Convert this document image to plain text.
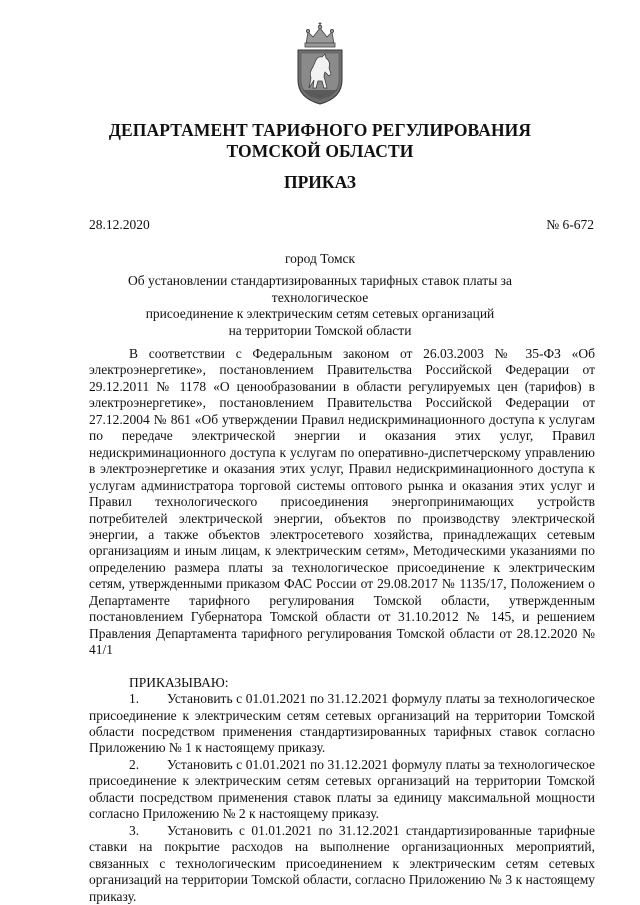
ДЕПАРТАМЕНТ ТАРИФНОГО РЕГУЛИРОВАНИЯ
ТОМСКОЙ ОБЛАСТИ
ПРИКАЗ
28.12.2020	№ 6-672
город Томск
Об установлении стандартизированных тарифных ставок платы за технологическое
присоединение к электрическим сетям сетевых организаций
на территории Томской области

В соответствии с Федеральным законом от 26.03.2003 № 35-ФЗ «Об электроэнергетике», постановлением Правительства Российской Федерации от 29.12.2011 № 1178 «О ценообразовании в области регулируемых цен (тарифов) в электроэнергетике», постановлением Правительства Российской Федерации от 27.12.2004 № 861 «Об утверждении Правил недискриминационного доступа к услугам по передаче электрической энергии и оказания этих услуг, Правил недискриминационного доступа к услугам по оперативно-диспетчерскому управлению в электроэнергетике и оказания этих услуг, Правил недискриминационного доступа к услугам администратора торговой системы оптового рынка и оказания этих услуг и Правил технологического присоединения энергопринимающих устройств потребителей электрической энергии, объектов по производству электрической энергии, а также объектов электросетевого хозяйства, принадлежащих сетевым организациям и иным лицам, к электрическим сетям», Методическими указаниями по определению размера платы за технологическое присоединение к электрическим сетям, утвержденными приказом ФАС России от 29.08.2017 № 1135/17, Положением о Департаменте тарифного регулирования Томской области, утвержденным постановлением Губернатора Томской области от 31.10.2012 № 145, и решением Правления Департамента тарифного регулирования Томской области от 28.12.2020 № 41/1

ПРИКАЗЫВАЮ:

1. Установить с 01.01.2021 по 31.12.2021 формулу платы за технологическое присоединение к электрическим сетям сетевых организаций на территории Томской области посредством применения стандартизированных тарифных ставок согласно Приложению № 1 к настоящему приказу.

2. Установить с 01.01.2021 по 31.12.2021 формулу платы за технологическое присоединение к электрическим сетям сетевых организаций на территории Томской области посредством применения ставок платы за единицу максимальной мощности согласно Приложению № 2 к настоящему приказу.

3. Установить с 01.01.2021 по 31.12.2021 стандартизированные тарифные ставки на покрытие расходов на выполнение организационных мероприятий, связанных с технологическим присоединением к электрическим сетям сетевых организаций на территории Томской области, согласно Приложению № 3 к настоящему приказу.
